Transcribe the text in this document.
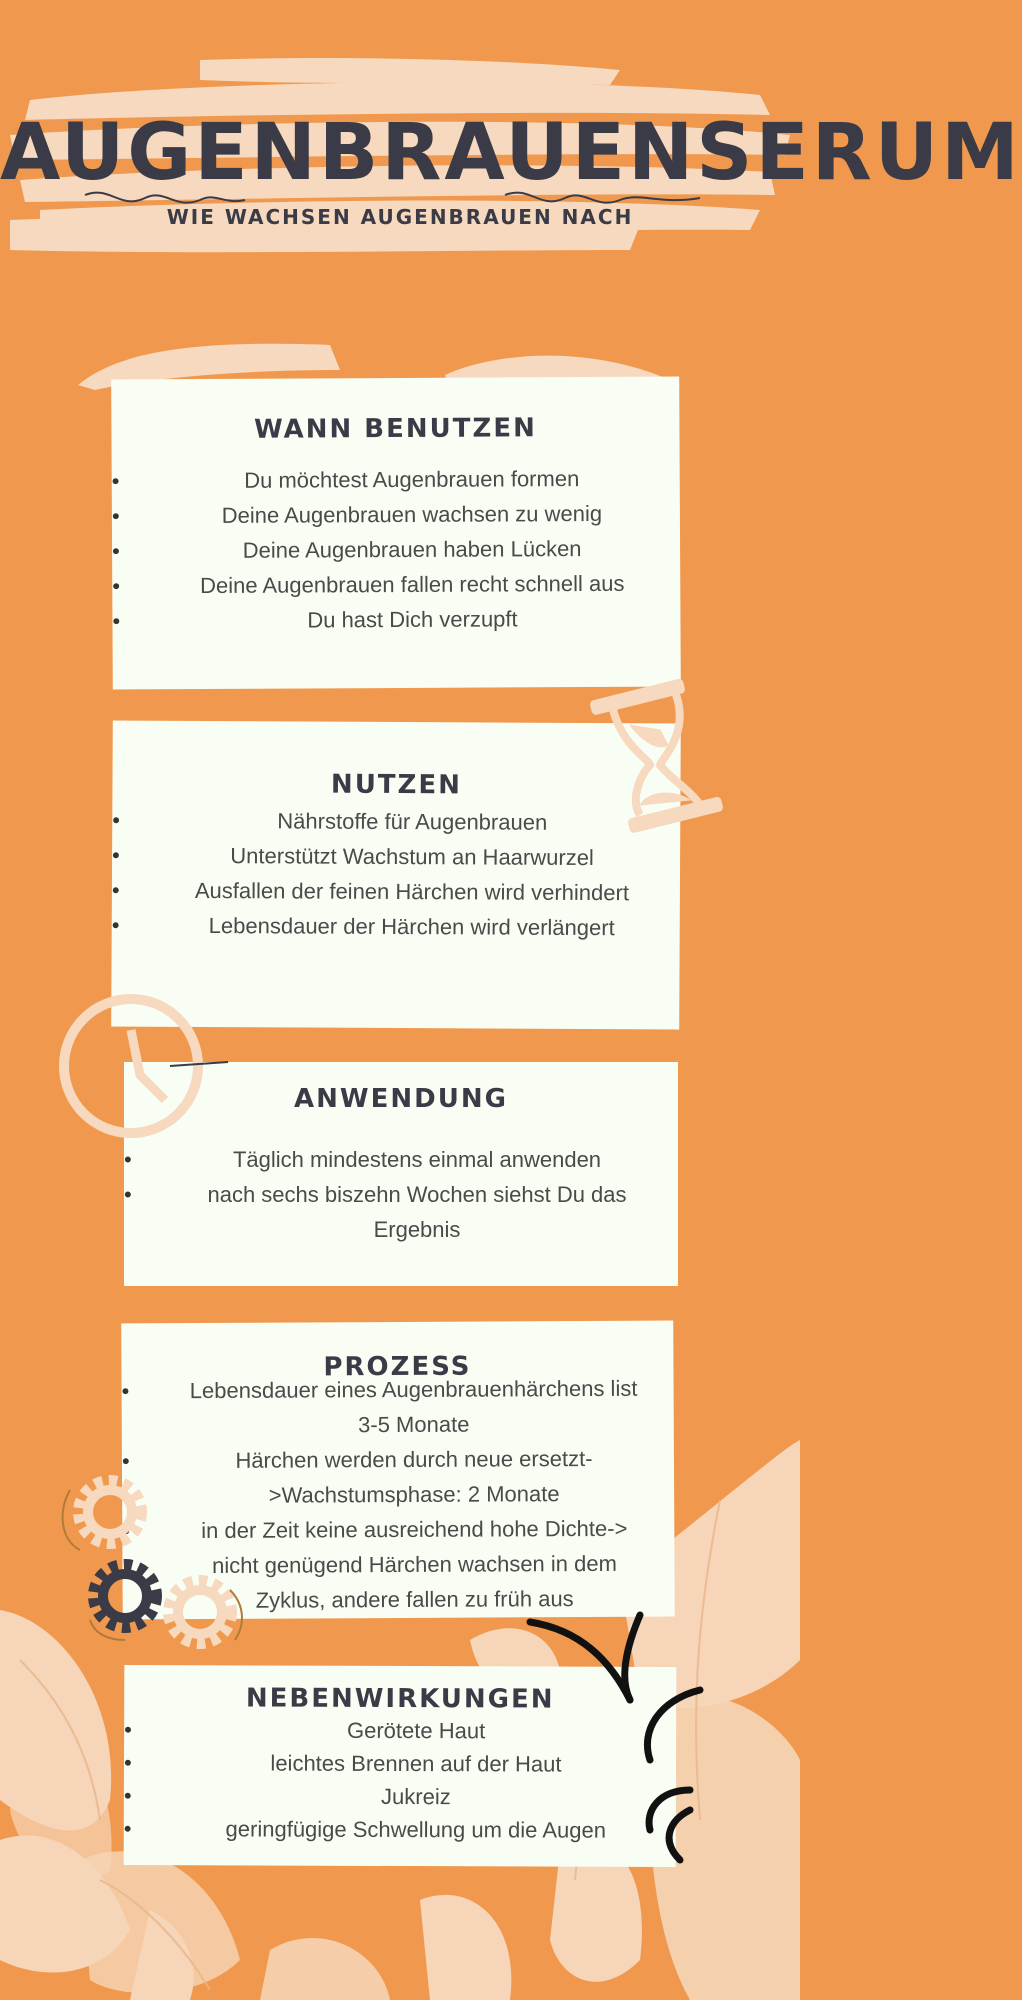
AUGENBRAUENSERUM

WIE WACHSEN AUGENBRAUEN NACH

WANN BENUTZEN
• Du möchtest Augenbrauen formen
• Deine Augenbrauen wachsen zu wenig
• Deine Augenbrauen haben Lücken
• Deine Augenbrauen fallen recht schnell aus
• Du hast Dich verzupft
NUTZEN
• Nährstoffe für Augenbrauen
• Unterstützt Wachstum an Haarwurzel
• Ausfallen der feinen Härchen wird verhindert
• Lebensdauer der Härchen wird verlängert
ANWENDUNG
• Täglich mindestens einmal anwenden
• nach sechs biszehn Wochen siehst Du das Ergebnis
PROZESS
• Lebensdauer eines Augenbrauenhärchens list 3-5 Monate
• Härchen werden durch neue ersetzt->Wachstumsphase: 2 Monate
• in der Zeit keine ausreichend hohe Dichte-> nicht genügend Härchen wachsen in dem Zyklus, andere fallen zu früh aus
NEBENWIRKUNGEN
• Gerötete Haut
• leichtes Brennen auf der Haut
• Jukreiz
• geringfügige Schwellung um die Augen
